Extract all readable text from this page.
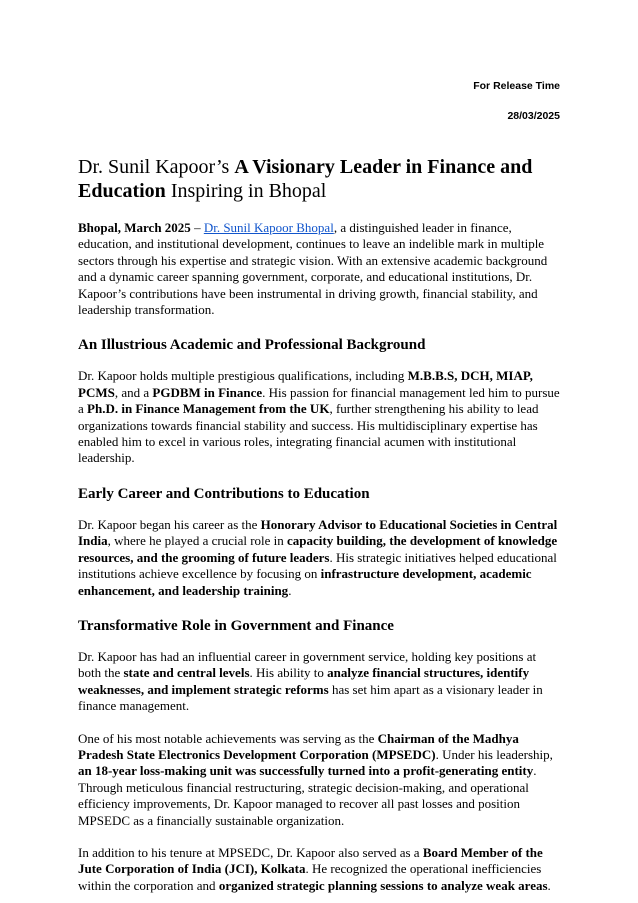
For Release Time
28/03/2025
Dr. Sunil Kapoor’s A Visionary Leader in Finance and Education Inspiring in Bhopal

Bhopal, March 2025 – Dr. Sunil Kapoor Bhopal, a distinguished leader in finance, education, and institutional development, continues to leave an indelible mark in multiple sectors through his expertise and strategic vision. With an extensive academic background and a dynamic career spanning government, corporate, and educational institutions, Dr. Kapoor’s contributions have been instrumental in driving growth, financial stability, and leadership transformation.

An Illustrious Academic and Professional Background

Dr. Kapoor holds multiple prestigious qualifications, including M.B.B.S, DCH, MIAP, PCMS, and a PGDBM in Finance. His passion for financial management led him to pursue a Ph.D. in Finance Management from the UK, further strengthening his ability to lead organizations towards financial stability and success. His multidisciplinary expertise has enabled him to excel in various roles, integrating financial acumen with institutional leadership.

Early Career and Contributions to Education

Dr. Kapoor began his career as the Honorary Advisor to Educational Societies in Central India, where he played a crucial role in capacity building, the development of knowledge resources, and the grooming of future leaders. His strategic initiatives helped educational institutions achieve excellence by focusing on infrastructure development, academic enhancement, and leadership training.

Transformative Role in Government and Finance

Dr. Kapoor has had an influential career in government service, holding key positions at both the state and central levels. His ability to analyze financial structures, identify weaknesses, and implement strategic reforms has set him apart as a visionary leader in finance management.

One of his most notable achievements was serving as the Chairman of the Madhya Pradesh State Electronics Development Corporation (MPSEDC). Under his leadership, an 18-year loss-making unit was successfully turned into a profit-generating entity. Through meticulous financial restructuring, strategic decision-making, and operational efficiency improvements, Dr. Kapoor managed to recover all past losses and position MPSEDC as a financially sustainable organization.

In addition to his tenure at MPSEDC, Dr. Kapoor also served as a Board Member of the Jute Corporation of India (JCI), Kolkata. He recognized the operational inefficiencies within the corporation and organized strategic planning sessions to analyze weak areas.
